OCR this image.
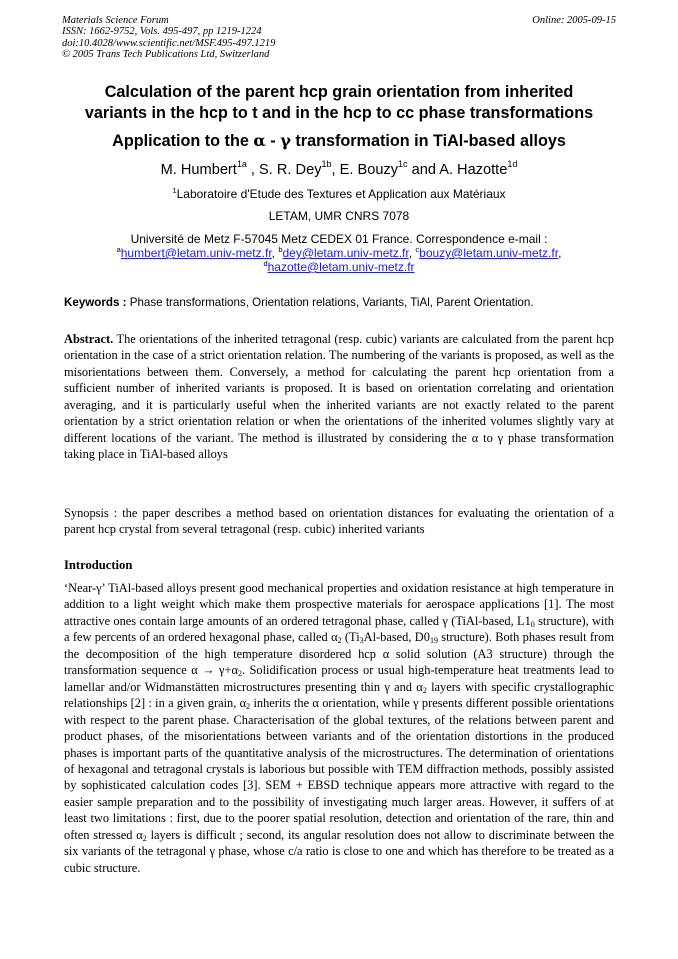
Materials Science Forum
ISSN: 1662-9752, Vols. 495-497, pp 1219-1224
doi:10.4028/www.scientific.net/MSF.495-497.1219
© 2005 Trans Tech Publications Ltd, Switzerland
Online: 2005-09-15
Calculation of the parent hcp grain orientation from inherited
variants in the hcp to t and in the hcp to cc phase transformations
Application to the α - γ transformation in TiAl-based alloys
M. Humbert$^{1a}$ , S. R. Dey$^{1b}$, E. Bouzy$^{1c}$ and A. Hazotte$^{1d}$
$^1$Laboratoire d'Etude des Textures et Application aux Matériaux
LETAM, UMR CNRS 7078
Université de Metz F-57045 Metz CEDEX 01 France. Correspondence e-mail :
$^a$humbert@letam.univ-metz.fr, $^b$dey@letam.univ-metz.fr, $^c$bouzy@letam.univ-metz.fr,
$^d$hazotte@letam.univ-metz.fr
Keywords : Phase transformations, Orientation relations, Variants, TiAl, Parent Orientation.
Abstract. The orientations of the inherited tetragonal (resp. cubic) variants are calculated from the parent hcp orientation in the case of a strict orientation relation. The numbering of the variants is proposed, as well as the misorientations between them. Conversely, a method for calculating the parent hcp orientation from a sufficient number of inherited variants is proposed. It is based on orientation correlating and orientation averaging, and it is particularly useful when the inherited variants are not exactly related to the parent orientation by a strict orientation relation or when the orientations of the inherited volumes slightly vary at different locations of the variant. The method is illustrated by considering the α to γ phase transformation taking place in TiAl-based alloys
Synopsis : the paper describes a method based on orientation distances for evaluating the orientation of a parent hcp crystal from several tetragonal (resp. cubic) inherited variants
Introduction
‘Near-γ’ TiAl-based alloys present good mechanical properties and oxidation resistance at high temperature in addition to a light weight which make them prospective materials for aerospace applications [1]. The most attractive ones contain large amounts of an ordered tetragonal phase, called γ (TiAl-based, $L1_0$ structure), with a few percents of an ordered hexagonal phase, called $\alpha_2$ ($Ti_3Al$-based, $D0_{19}$ structure). Both phases result from the decomposition of the high temperature disordered hcp α solid solution (A3 structure) through the transformation sequence $\alpha \to \gamma+\alpha_2$. Solidification process or usual high-temperature heat treatments lead to lamellar and/or Widmanstätten microstructures presenting thin γ and $\alpha_2$ layers with specific crystallographic relationships [2] : in a given grain, $\alpha_2$ inherits the α orientation, while γ presents different possible orientations with respect to the parent phase. Characterisation of the global textures, of the relations between parent and product phases, of the misorientations between variants and of the orientation distortions in the produced phases is important parts of the quantitative analysis of the microstructures. The determination of orientations of hexagonal and tetragonal crystals is laborious but possible with TEM diffraction methods, possibly assisted by sophisticated calculation codes [3]. SEM + EBSD technique appears more attractive with regard to the easier sample preparation and to the possibility of investigating much larger areas. However, it suffers of at least two limitations : first, due to the poorer spatial resolution, detection and orientation of the rare, thin and often stressed $\alpha_2$ layers is difficult ; second, its angular resolution does not allow to discriminate between the six variants of the tetragonal γ phase, whose c/a ratio is close to one and which has therefore to be treated as a cubic structure.
